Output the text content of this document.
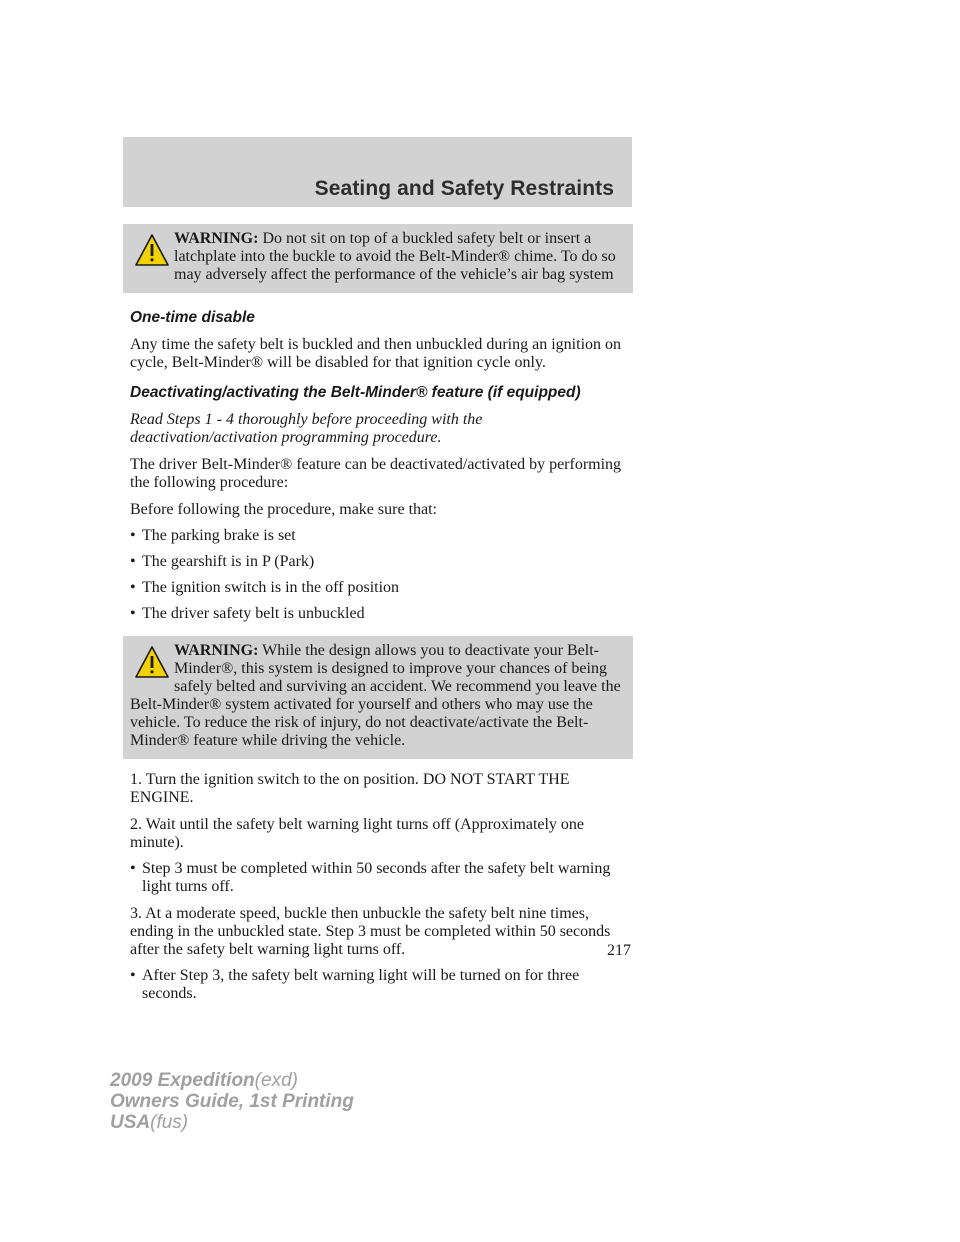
Seating and Safety Restraints
WARNING: Do not sit on top of a buckled safety belt or insert a latchplate into the buckle to avoid the Belt-Minder® chime. To do so may adversely affect the performance of the vehicle’s air bag system

One-time disable

Any time the safety belt is buckled and then unbuckled during an ignition on cycle, Belt-Minder® will be disabled for that ignition cycle only.

Deactivating/activating the Belt-Minder® feature (if equipped)

Read Steps 1 - 4 thoroughly before proceeding with the deactivation/activation programming procedure.

The driver Belt-Minder® feature can be deactivated/activated by performing the following procedure:

Before following the procedure, make sure that:

• The parking brake is set
• The gearshift is in P (Park)
• The ignition switch is in the off position
• The driver safety belt is unbuckled
WARNING: While the design allows you to deactivate your Belt-Minder®, this system is designed to improve your chances of being safely belted and surviving an accident. We recommend you leave the Belt-Minder® system activated for yourself and others who may use the vehicle. To reduce the risk of injury, do not deactivate/activate the Belt-Minder® feature while driving the vehicle.

1. Turn the ignition switch to the on position. DO NOT START THE ENGINE.

2. Wait until the safety belt warning light turns off (Approximately one minute).

• Step 3 must be completed within 50 seconds after the safety belt warning light turns off.

3. At a moderate speed, buckle then unbuckle the safety belt nine times, ending in the unbuckled state. Step 3 must be completed within 50 seconds after the safety belt warning light turns off.

• After Step 3, the safety belt warning light will be turned on for three seconds.
217
2009 Expedition(exd)
Owners Guide, 1st Printing
USA(fus)
